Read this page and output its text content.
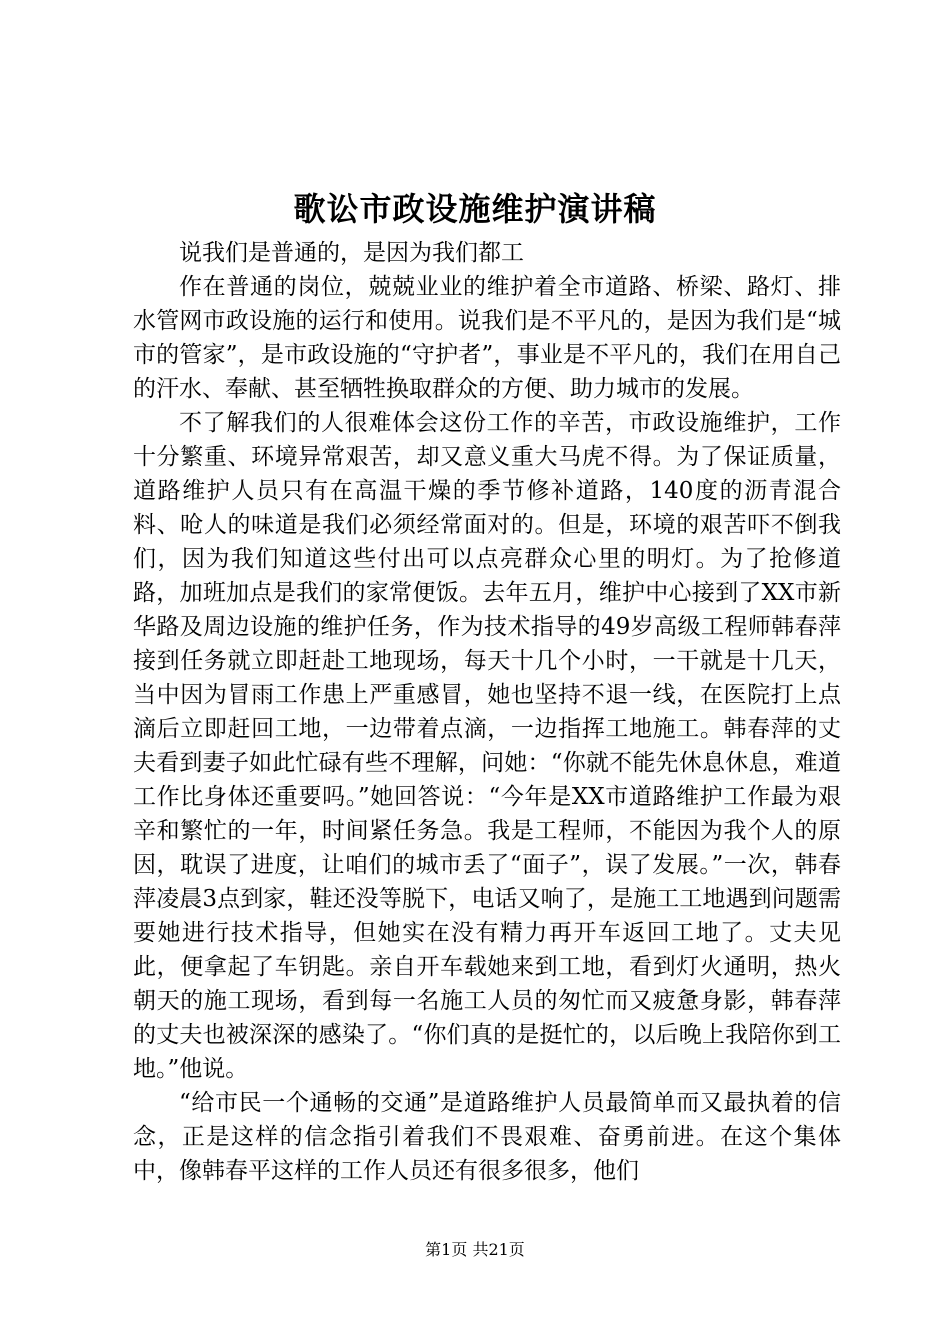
歌讼市政设施维护演讲稿

说我们是普通的，是因为我们都工

作在普通的岗位，兢兢业业的维护着全市道路、桥梁、路灯、排水管网市政设施的运行和使用。说我们是不平凡的，是因为我们是“城市的管家”，是市政设施的“守护者”，事业是不平凡的，我们在用自己的汗水、奉献、甚至牺牲换取群众的方便、助力城市的发展。

不了解我们的人很难体会这份工作的辛苦，市政设施维护，工作十分繁重、环境异常艰苦，却又意义重大马虎不得。为了保证质量，道路维护人员只有在高温干燥的季节修补道路，140度的沥青混合料、呛人的味道是我们必须经常面对的。但是，环境的艰苦吓不倒我们，因为我们知道这些付出可以点亮群众心里的明灯。为了抢修道路，加班加点是我们的家常便饭。去年五月，维护中心接到了XX市新华路及周边设施的维护任务，作为技术指导的49岁高级工程师韩春萍接到任务就立即赶赴工地现场，每天十几个小时，一干就是十几天，当中因为冒雨工作患上严重感冒，她也坚持不退一线，在医院打上点滴后立即赶回工地，一边带着点滴，一边指挥工地施工。韩春萍的丈夫看到妻子如此忙碌有些不理解，问她：“你就不能先休息休息，难道工作比身体还重要吗。”她回答说：“今年是XX市道路维护工作最为艰辛和繁忙的一年，时间紧任务急。我是工程师，不能因为我个人的原因，耽误了进度，让咱们的城市丢了“面子”，误了发展。”一次，韩春萍凌晨3点到家，鞋还没等脱下，电话又响了，是施工工地遇到问题需要她进行技术指导，但她实在没有精力再开车返回工地了。丈夫见此，便拿起了车钥匙。亲自开车载她来到工地，看到灯火通明，热火朝天的施工现场，看到每一名施工人员的匆忙而又疲惫身影，韩春萍的丈夫也被深深的感染了。“你们真的是挺忙的，以后晚上我陪你到工地。”他说。

“给市民一个通畅的交通”是道路维护人员最简单而又最执着的信念，正是这样的信念指引着我们不畏艰难、奋勇前进。在这个集体中，像韩春平这样的工作人员还有很多很多，他们

第1页 共21页
